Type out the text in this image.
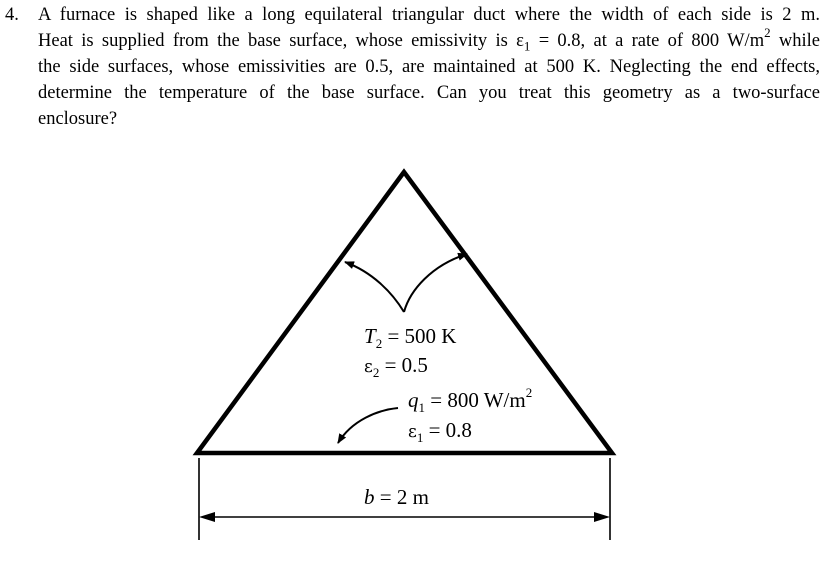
4. A furnace is shaped like a long equilateral triangular duct where the width of each side is 2 m.
Heat is supplied from the base surface, whose emissivity is $\varepsilon_1 = 0.8$, at a rate of 800 $W/m^2$ while
the side surfaces, whose emissivities are 0.5, are maintained at 500 K. Neglecting the end effects,
determine the temperature of the base surface. Can you treat this geometry as a two-surface
enclosure?
$T_2 = 500$ K
$\varepsilon_2 = 0.5$
$q_1 = 800$ $W/m^2$
$\varepsilon_1 = 0.8$
b = 2 m
